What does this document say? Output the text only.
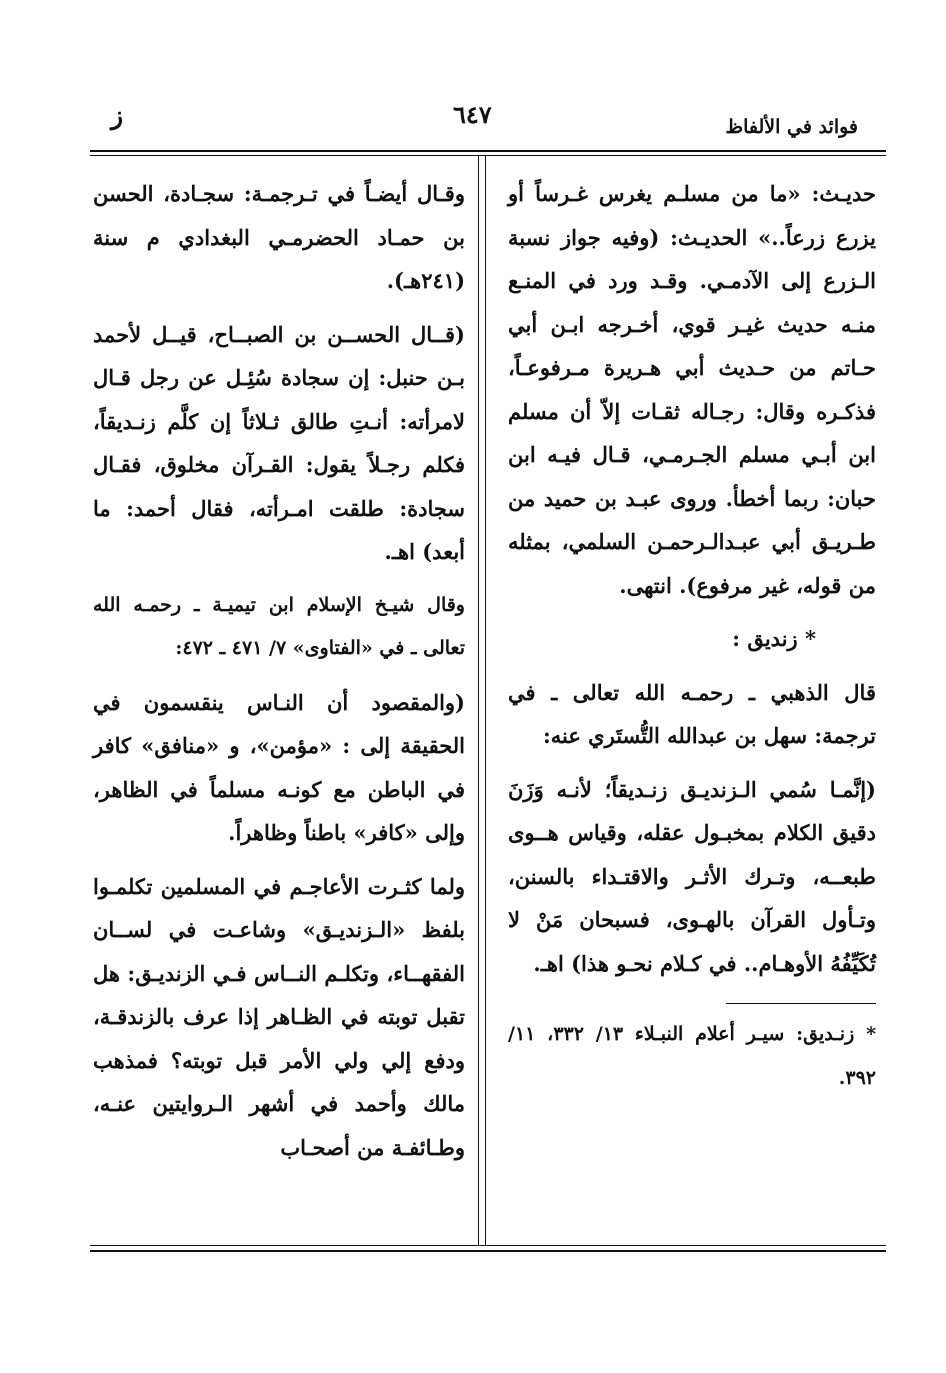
فوائد في الألفاظ
٦٤٧
ز

حديـث: «ما من مسلـم يغرس غـرساً أو يزرع زرعاً..» الحديـث: (وفيه جواز نسبة الـزرع إلى الآدمـي. وقـد ورد في المنـع منـه حديث غيـر قوي، أخـرجه ابـن أبي حـاتم من حـديث أبي هـريرة مـرفوعـاً، فذكـره وقال: رجـاله ثقـات إلاّ أن مسلم ابن أبـي مسلم الجـرمـي، قـال فيـه ابن حبان: ربما أخطأ. وروى عبـد بن حميد من طـريـق أبي عبـدالـرحمـن السلمي، بمثله من قوله، غير مرفوع). انتهى.

* زنديق :

قال الذهبي ـ رحمـه الله تعالى ـ في ترجمة: سهل بن عبدالله التُّستَري عنه:

(إنَّمـا سُمي الـزنديـق زنـديقاً؛ لأنـه وَزَنَ دقيق الكلام بمخبـول عقله، وقياس هــوى طبعــه، وتـرك الأثـر والاقتـداء بالسنن، وتـأول القرآن بالهـوى، فسبحان مَنْ لا تُكَيِّفُهُ الأوهـام.. في كـلام نحـو هذا) اهـ.

* زنـديق: سيـر أعلام النبـلاء ١٣/ ٣٣٢، ١١/ ٣٩٢.

وقـال أيضـاً في تـرجمـة: سجـادة، الحسن بن حمـاد الحضرمـي البغدادي م سنة (٢٤١هـ).

(قــال الحســن بن الصبــاح، قيــل لأحمد بـن حنبل: إن سجادة سُئِـل عن رجل قـال لامرأته: أنـتِ طالق ثـلاثاً إن كلَّم زنـديقاً، فكلم رجـلاً يقول: القـرآن مخلوق، فقـال سجادة: طلقت امـرأته، فقال أحمد: ما أبعد) اهـ.

وقال شيـخ الإسلام ابن تيميـة ـ رحمـه الله تعالى ـ في «الفتاوى» ٧/ ٤٧١ ـ ٤٧٢:

(والمقصود أن النـاس ينقسمون في الحقيقة إلى : «مؤمن»، و «منافق» كافر في الباطن مع كونـه مسلماً في الظاهر، وإلى «كافر» باطناً وظاهراً.

ولما كثـرت الأعاجـم في المسلمين تكلمـوا بلفظ «الـزنديـق» وشاعـت في لســان الفقهــاء، وتكلـم النــاس فـي الزنديـق: هل تقبل توبته في الظـاهر إذا عرف بالزندقـة، ودفع إلي ولي الأمر قبل توبته؟ فمذهب مالك وأحمد في أشهر الـروايتين عنـه، وطـائفـة من أصحـاب
